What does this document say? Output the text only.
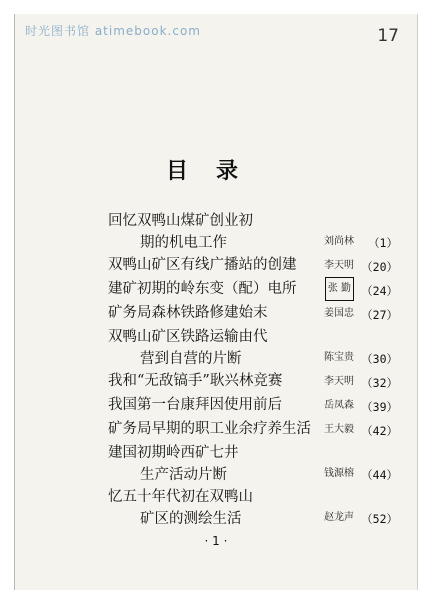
时光图书馆 atimebook.com	17
目录
回忆双鸭山煤矿创业初
期的机电工作	刘尚林 （1）
双鸭山矿区有线广播站的创建	李天明 （20）
建矿初期的岭东变（配）电所	张 勤 （24）
矿务局森林铁路修建始末	姜国忠 （27）
双鸭山矿区铁路运输由代
营到自营的片断	陈宝贵 （30）
我和“无敌镐手”耿兴林竞赛	李天明 （32）
我国第一台康拜因使用前后	岳凤森 （39）
矿务局早期的职工业余疗养生活 王大毅 （42）
建国初期岭西矿七井
生产活动片断	钱源榕 （44）
忆五十年代初在双鸭山
矿区的测绘生活	赵龙声 （52）
· 1 ·
